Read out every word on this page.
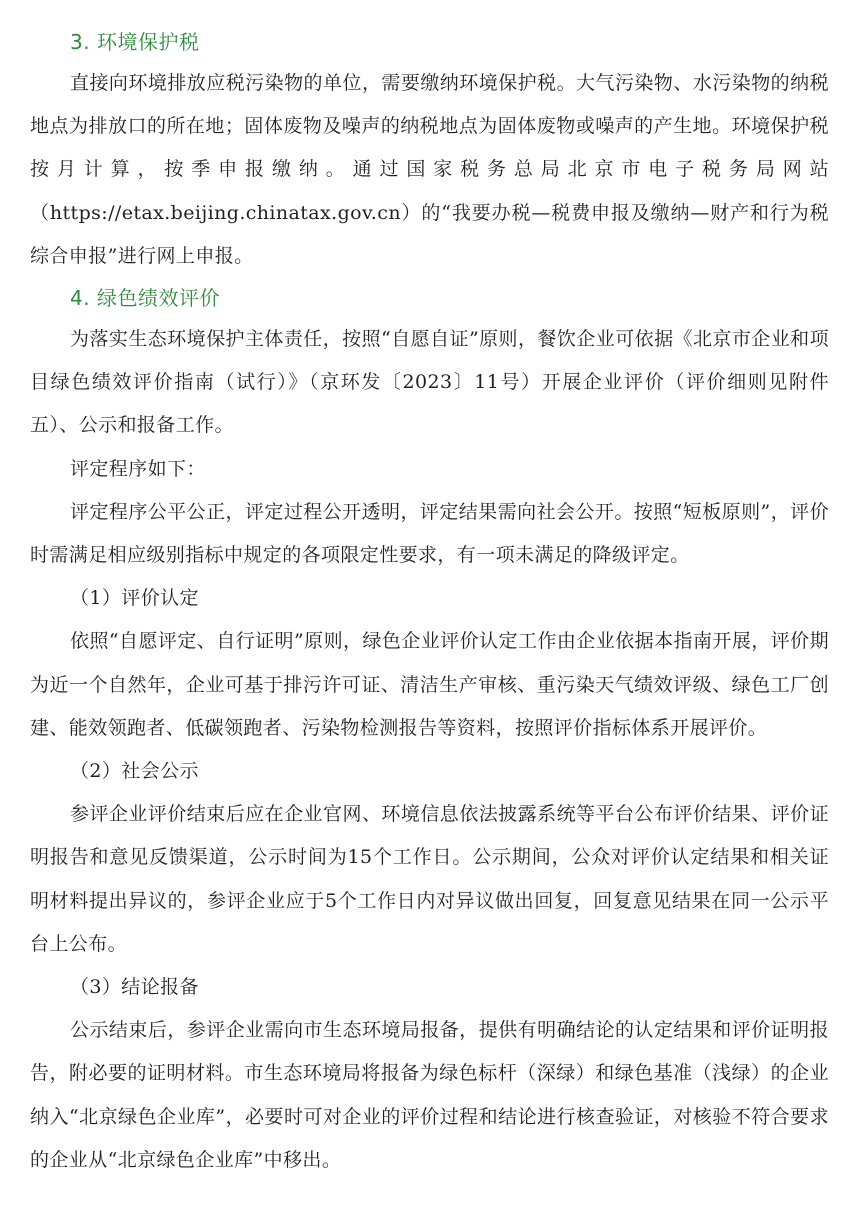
3. 环境保护税

直接向环境排放应税污染物的单位，需要缴纳环境保护税。大气污染物、水污染物的纳税地点为排放口的所在地；固体废物及噪声的纳税地点为固体废物或噪声的产生地。环境保护税按月计算，按季申报缴纳。通过国家税务总局北京市电子税务局网站（https://etax.beijing.chinatax.gov.cn）的“我要办税—税费申报及缴纳—财产和行为税综合申报”进行网上申报。

4. 绿色绩效评价

为落实生态环境保护主体责任，按照“自愿自证”原则，餐饮企业可依据《北京市企业和项目绿色绩效评价指南（试行）》（京环发〔2023〕11号）开展企业评价（评价细则见附件五）、公示和报备工作。

评定程序如下：

评定程序公平公正，评定过程公开透明，评定结果需向社会公开。按照“短板原则”，评价时需满足相应级别指标中规定的各项限定性要求，有一项未满足的降级评定。

（1）评价认定

依照“自愿评定、自行证明”原则，绿色企业评价认定工作由企业依据本指南开展，评价期为近一个自然年，企业可基于排污许可证、清洁生产审核、重污染天气绩效评级、绿色工厂创建、能效领跑者、低碳领跑者、污染物检测报告等资料，按照评价指标体系开展评价。

（2）社会公示

参评企业评价结束后应在企业官网、环境信息依法披露系统等平台公布评价结果、评价证明报告和意见反馈渠道，公示时间为15个工作日。公示期间，公众对评价认定结果和相关证明材料提出异议的，参评企业应于5个工作日内对异议做出回复，回复意见结果在同一公示平台上公布。

（3）结论报备

公示结束后，参评企业需向市生态环境局报备，提供有明确结论的认定结果和评价证明报告，附必要的证明材料。市生态环境局将报备为绿色标杆（深绿）和绿色基准（浅绿）的企业纳入“北京绿色企业库”，必要时可对企业的评价过程和结论进行核查验证，对核验不符合要求的企业从“北京绿色企业库”中移出。
